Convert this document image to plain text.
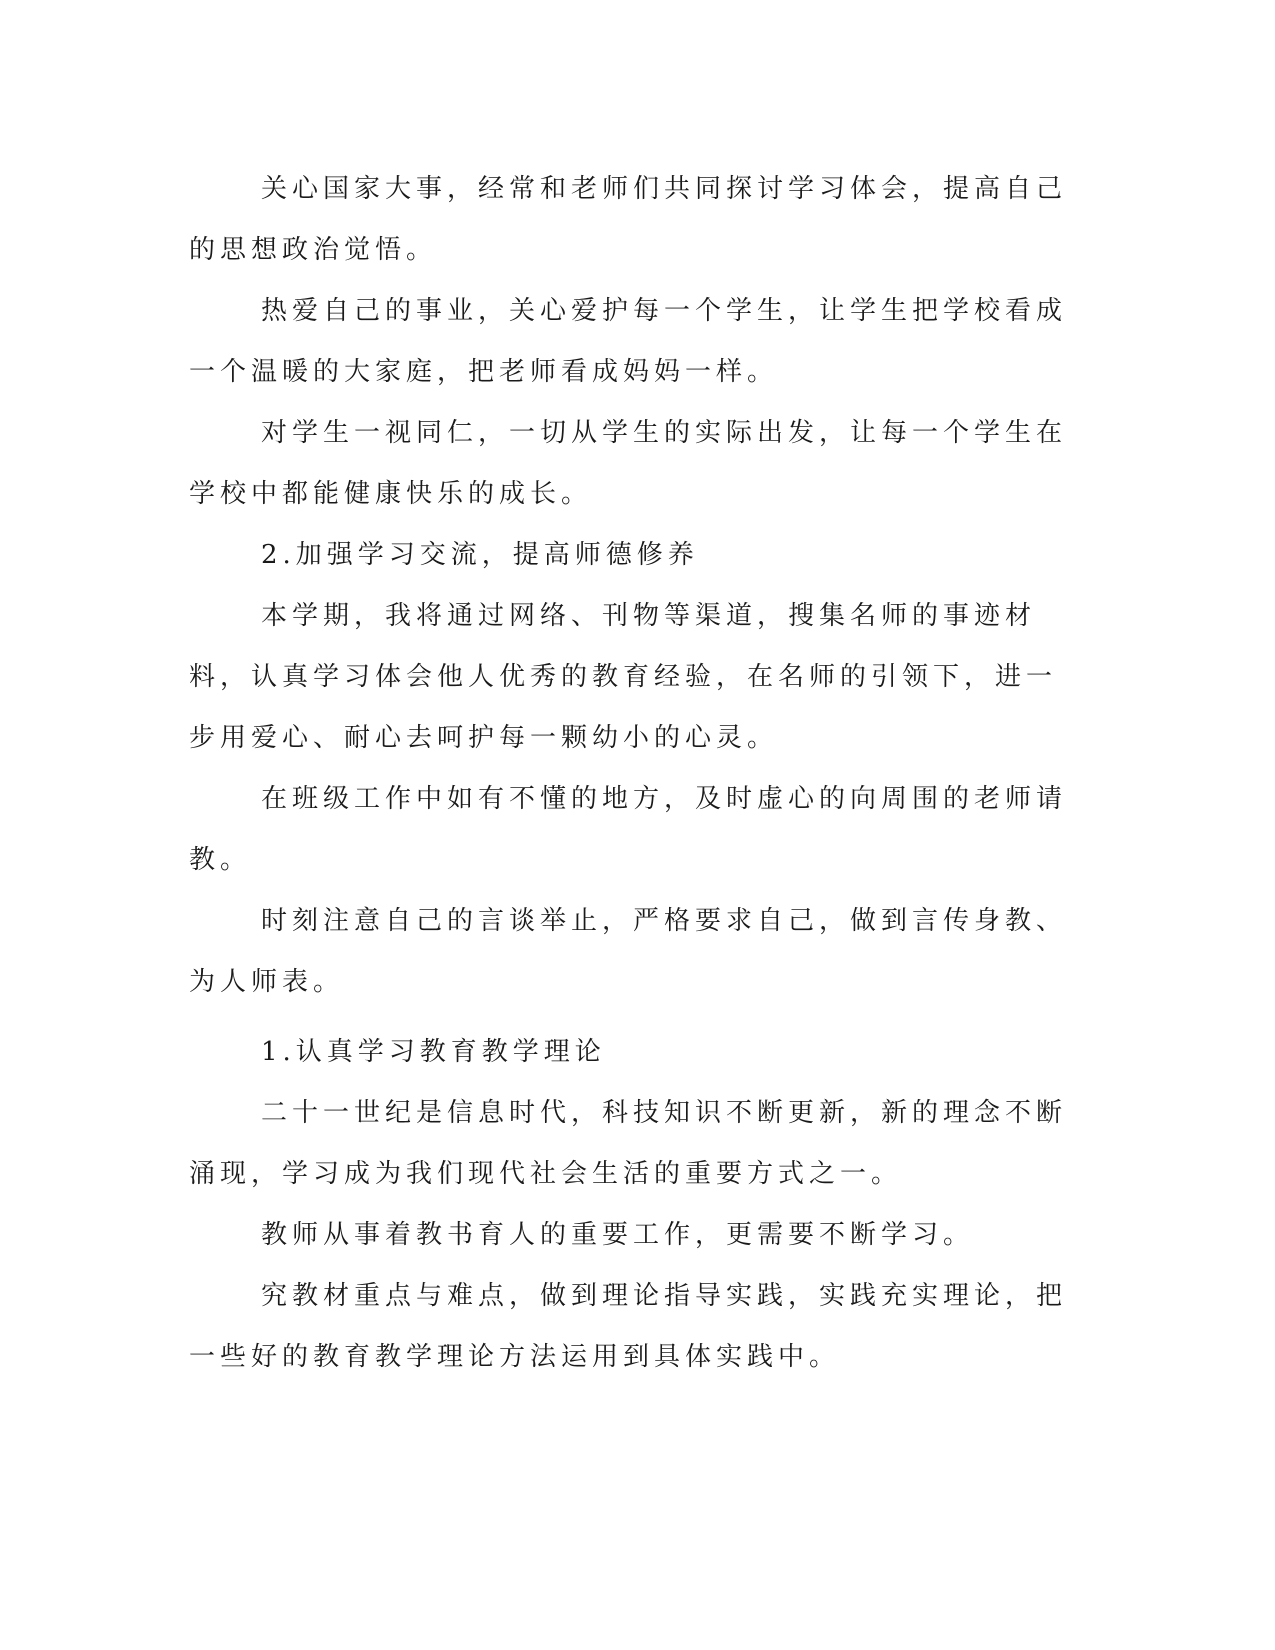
关心国家大事，经常和老师们共同探讨学习体会，提高自己的思想政治觉悟。

热爱自己的事业，关心爱护每一个学生，让学生把学校看成一个温暖的大家庭，把老师看成妈妈一样。

对学生一视同仁，一切从学生的实际出发，让每一个学生在学校中都能健康快乐的成长。

2.加强学习交流，提高师德修养

本学期，我将通过网络、刊物等渠道，搜集名师的事迹材料，认真学习体会他人优秀的教育经验，在名师的引领下，进一步用爱心、耐心去呵护每一颗幼小的心灵。

在班级工作中如有不懂的地方，及时虚心的向周围的老师请教。

时刻注意自己的言谈举止，严格要求自己，做到言传身教、为人师表。

1.认真学习教育教学理论

二十一世纪是信息时代，科技知识不断更新，新的理念不断涌现，学习成为我们现代社会生活的重要方式之一。

教师从事着教书育人的重要工作，更需要不断学习。

究教材重点与难点，做到理论指导实践，实践充实理论，把一些好的教育教学理论方法运用到具体实践中。
